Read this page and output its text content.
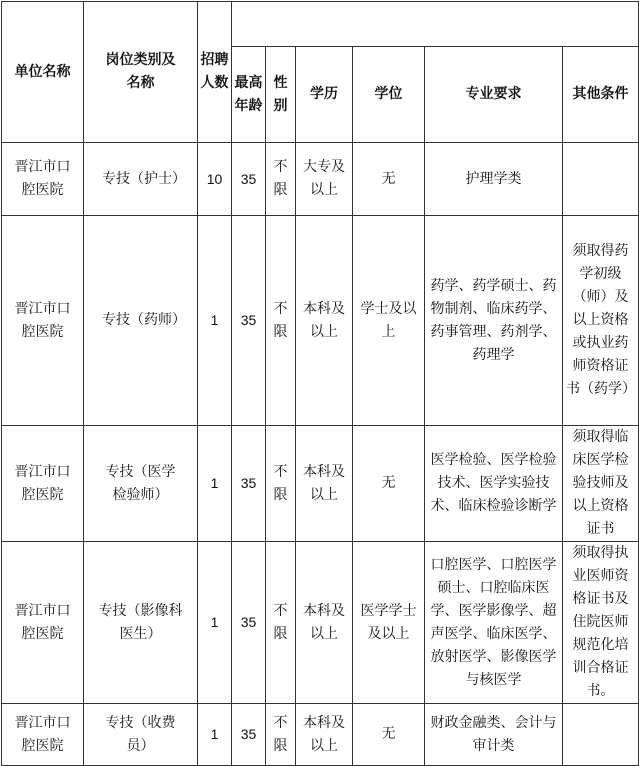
单位名称	岗位类别及名称	招聘人数						
			最高年龄	性别	学历	学位	专业要求	其他条件
晋江市口腔医院	专技（护士）	10	35	不限	大专及以上	无	护理学类	
晋江市口腔医院	专技（药师）	1	35	不限	本科及以上	学士及以上	药学、药学硕士、药物制剂、临床药学、药事管理、药剂学、药理学	须取得药学初级（师）及以上资格或执业药师资格证书（药学）
晋江市口腔医院	专技（医学检验师）	1	35	不限	本科及以上	无	医学检验、医学检验技术、医学实验技术、临床检验诊断学	须取得临床医学检验技师及以上资格证书
晋江市口腔医院	专技（影像科医生）	1	35	不限	本科及以上	医学学士及以上	口腔医学、口腔医学硕士、口腔临床医学、医学影像学、超声医学、临床医学、放射医学、影像医学与核医学	须取得执业医师资格证书及住院医师规范化培训合格证书。
晋江市口腔医院	专技（收费员）	1	35	不限	本科及以上	无	财政金融类、会计与审计类	
